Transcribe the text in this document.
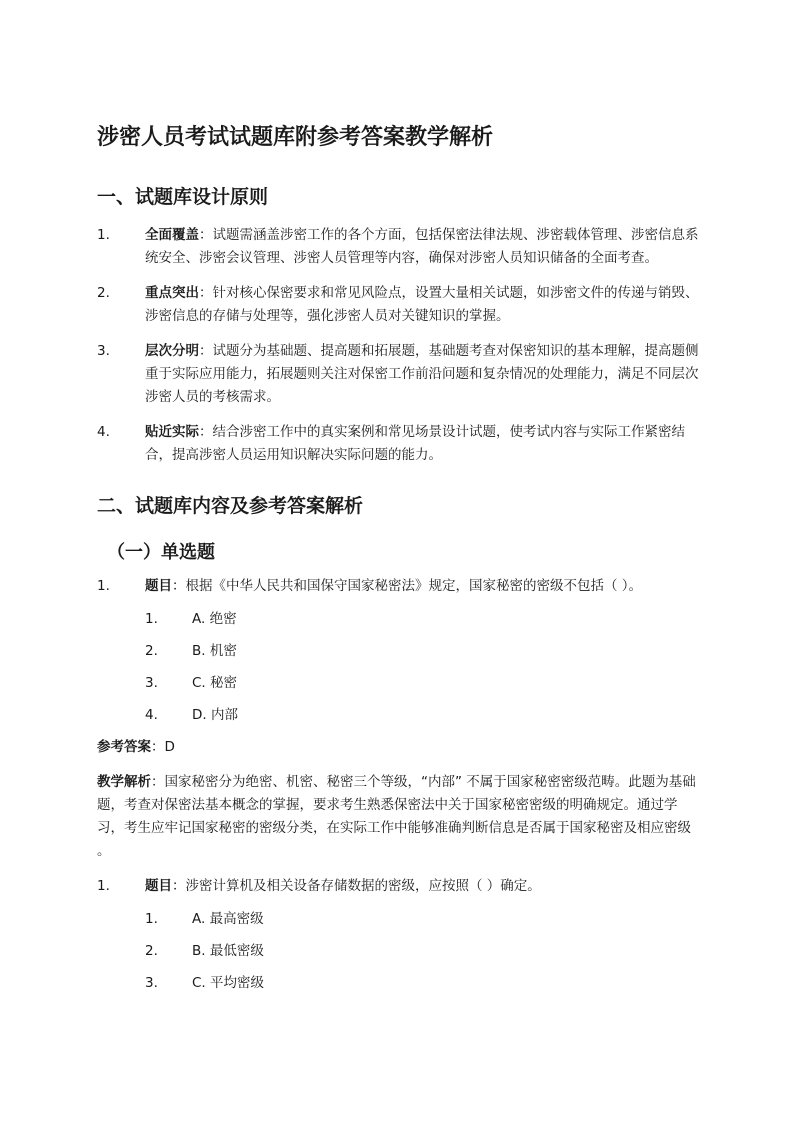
涉密人员考试试题库附参考答案教学解析
一、试题库设计原则
1.	全面覆盖：试题需涵盖涉密工作的各个方面，包括保密法律法规、涉密载体管理、涉密信息系统安全、涉密会议管理、涉密人员管理等内容，确保对涉密人员知识储备的全面考查。
2.	重点突出：针对核心保密要求和常见风险点，设置大量相关试题，如涉密文件的传递与销毁、涉密信息的存储与处理等，强化涉密人员对关键知识的掌握。
3.	层次分明：试题分为基础题、提高题和拓展题，基础题考查对保密知识的基本理解，提高题侧重于实际应用能力，拓展题则关注对保密工作前沿问题和复杂情况的处理能力，满足不同层次涉密人员的考核需求。
4.	贴近实际：结合涉密工作中的真实案例和常见场景设计试题，使考试内容与实际工作紧密结合，提高涉密人员运用知识解决实际问题的能力。
二、试题库内容及参考答案解析
（一）单选题
1.	题目：根据《中华人民共和国保守国家秘密法》规定，国家秘密的密级不包括（ ）。
1.	A. 绝密
2.	B. 机密
3.	C. 秘密
4.	D. 内部
参考答案：D
教学解析：国家秘密分为绝密、机密、秘密三个等级，“内部” 不属于国家秘密密级范畴。此题为基础题，考查对保密法基本概念的掌握，要求考生熟悉保密法中关于国家秘密密级的明确规定。通过学习，考生应牢记国家秘密的密级分类，在实际工作中能够准确判断信息是否属于国家秘密及相应密级 。
1.	题目：涉密计算机及相关设备存储数据的密级，应按照（ ）确定。
1.	A. 最高密级
2.	B. 最低密级
3.	C. 平均密级
